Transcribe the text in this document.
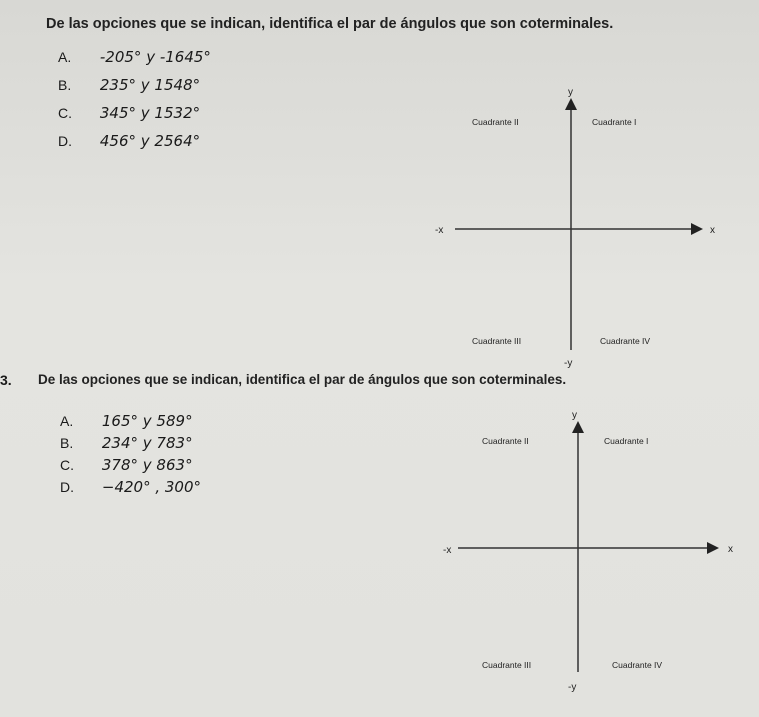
De las opciones que se indican, identifica el par de ángulos que son coterminales.
A. -205° y -1645°
B. 235° y 1548°
C. 345° y 1532°
D. 456° y 2564°
y
-y
-x	x
Cuadrante II	Cuadrante I
Cuadrante III	Cuadrante IV
y
-y
-x	x
Cuadrante II	Cuadrante I
Cuadrante III	Cuadrante IV
3. De las opciones que se indican, identifica el par de ángulos que son coterminales.
A. 165° y 589°
B. 234° y 783°
C. 378° y 863°
D. −420° , 300°
